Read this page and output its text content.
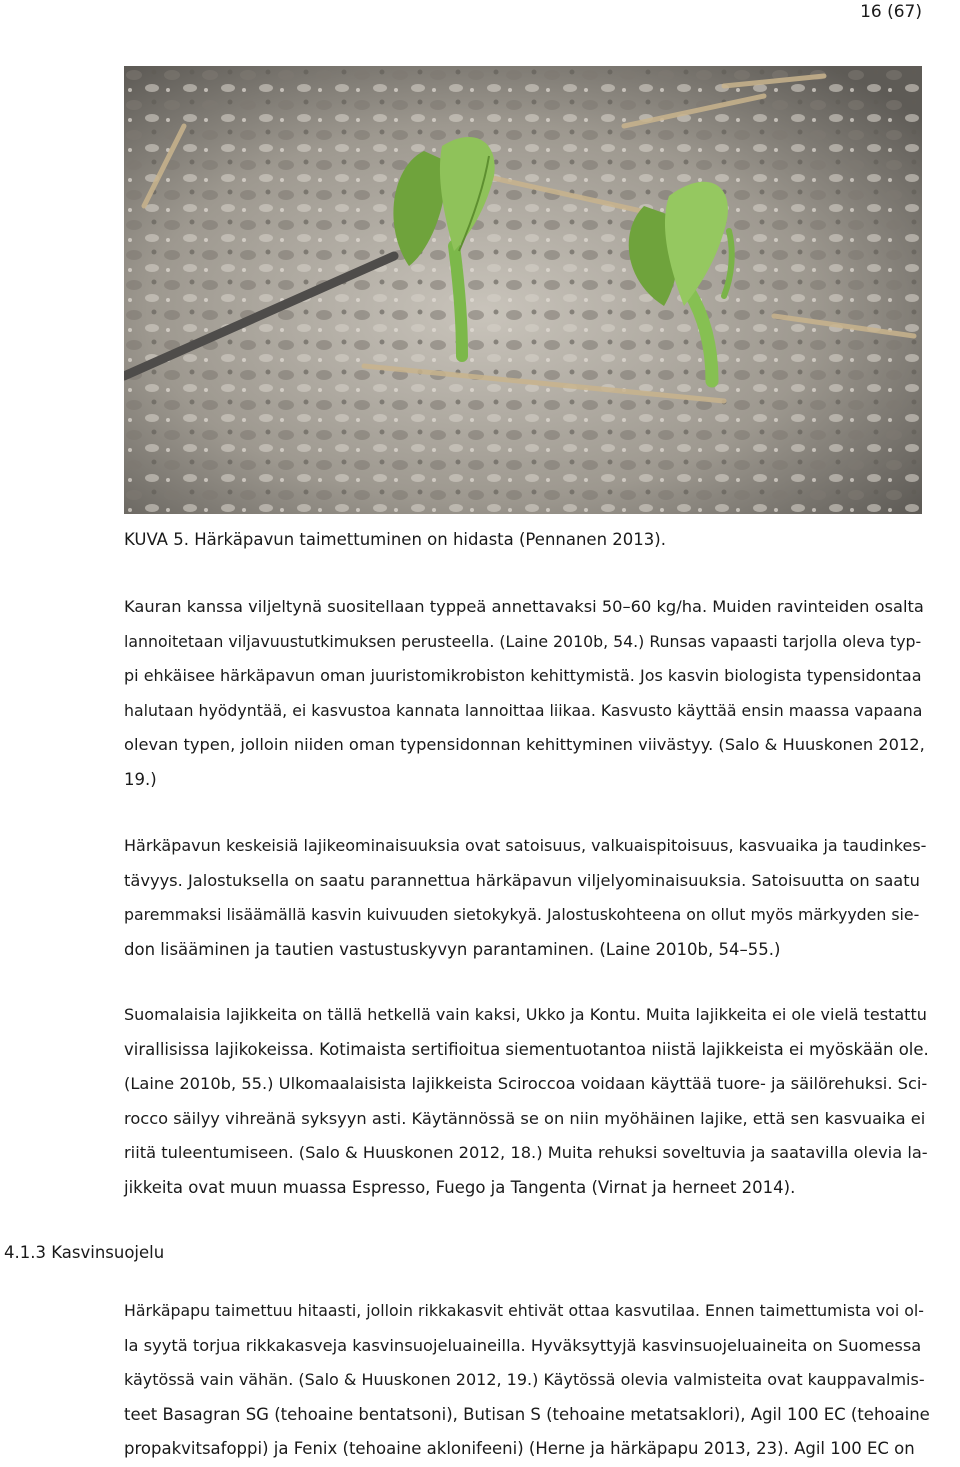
16 (67)
KUVA 5. Härkäpavun taimettuminen on hidasta (Pennanen 2013).
Kauran kanssa viljeltynä suositellaan typpeä annettavaksi 50–60 kg/ha. Muiden ravinteiden osalta
lannoitetaan viljavuustutkimuksen perusteella. (Laine 2010b, 54.) Runsas vapaasti tarjolla oleva typ-
pi ehkäisee härkäpavun oman juuristomikrobiston kehittymistä. Jos kasvin biologista typensidontaa
halutaan hyödyntää, ei kasvustoa kannata lannoittaa liikaa. Kasvusto käyttää ensin maassa vapaana
olevan typen, jolloin niiden oman typensidonnan kehittyminen viivästyy. (Salo & Huuskonen 2012,
19.)
Härkäpavun keskeisiä lajikeominaisuuksia ovat satoisuus, valkuaispitoisuus, kasvuaika ja taudinkes-
tävyys. Jalostuksella on saatu parannettua härkäpavun viljelyominaisuuksia. Satoisuutta on saatu
paremmaksi lisäämällä kasvin kuivuuden sietokykyä. Jalostuskohteena on ollut myös märkyyden sie-
don lisääminen ja tautien vastustuskyvyn parantaminen. (Laine 2010b, 54–55.)
Suomalaisia lajikkeita on tällä hetkellä vain kaksi, Ukko ja Kontu. Muita lajikkeita ei ole vielä testattu
virallisissa lajikokeissa. Kotimaista sertifioitua siementuotantoa niistä lajikkeista ei myöskään ole.
(Laine 2010b, 55.) Ulkomaalaisista lajikkeista Sciroccoa voidaan käyttää tuore- ja säilörehuksi. Sci-
rocco säilyy vihreänä syksyyn asti. Käytännössä se on niin myöhäinen lajike, että sen kasvuaika ei
riitä tuleentumiseen. (Salo & Huuskonen 2012, 18.) Muita rehuksi soveltuvia ja saatavilla olevia la-
jikkeita ovat muun muassa Espresso, Fuego ja Tangenta (Virnat ja herneet 2014).
4.1.3 Kasvinsuojelu
Härkäpapu taimettuu hitaasti, jolloin rikkakasvit ehtivät ottaa kasvutilaa. Ennen taimettumista voi ol-
la syytä torjua rikkakasveja kasvinsuojeluaineilla. Hyväksyttyjä kasvinsuojeluaineita on Suomessa
käytössä vain vähän. (Salo & Huuskonen 2012, 19.) Käytössä olevia valmisteita ovat kauppavalmis-
teet Basagran SG (tehoaine bentatsoni), Butisan S (tehoaine metatsaklori), Agil 100 EC (tehoaine
propakvitsafoppi) ja Fenix (tehoaine aklonifeeni) (Herne ja härkäpapu 2013, 23). Agil 100 EC on
